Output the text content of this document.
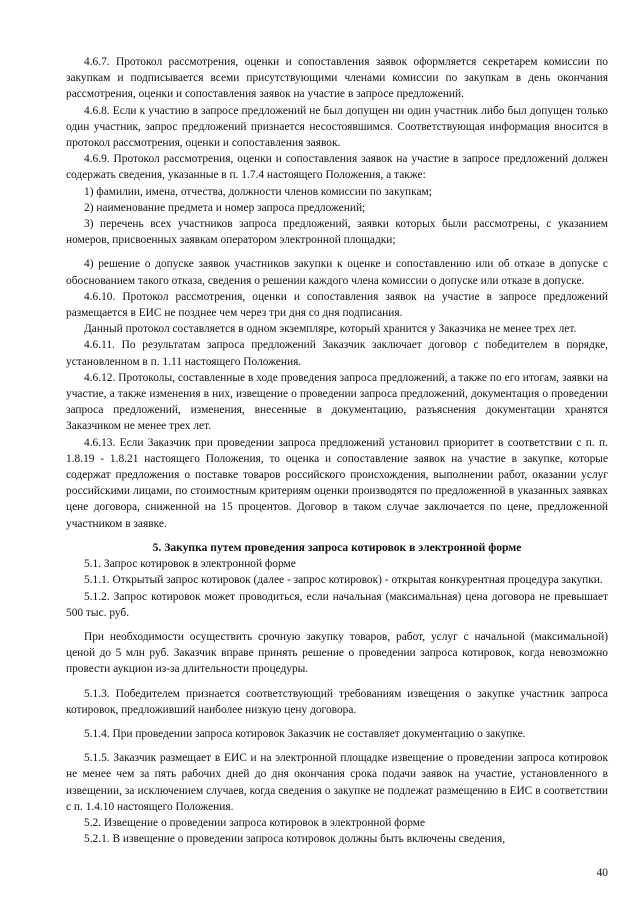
4.6.7. Протокол рассмотрения, оценки и сопоставления заявок оформляется секретарем комиссии по закупкам и подписывается всеми присутствующими членами комиссии по закупкам в день окончания рассмотрения, оценки и сопоставления заявок на участие в запросе предложений.

4.6.8. Если к участию в запросе предложений не был допущен ни один участник либо был допущен только один участник, запрос предложений признается несостоявшимся. Соответствующая информация вносится в протокол рассмотрения, оценки и сопоставления заявок.

4.6.9. Протокол рассмотрения, оценки и сопоставления заявок на участие в запросе предложений должен содержать сведения, указанные в п. 1.7.4 настоящего Положения, а также:

1) фамилии, имена, отчества, должности членов комиссии по закупкам;

2) наименование предмета и номер запроса предложений;

3) перечень всех участников запроса предложений, заявки которых были рассмотрены, с указанием номеров, присвоенных заявкам оператором электронной площадки;

4) решение о допуске заявок участников закупки к оценке и сопоставлению или об отказе в допуске с обоснованием такого отказа, сведения о решении каждого члена комиссии о допуске или отказе в допуске.

4.6.10. Протокол рассмотрения, оценки и сопоставления заявок на участие в запросе предложений размещается в ЕИС не позднее чем через три дня со дня подписания.

Данный протокол составляется в одном экземпляре, который хранится у Заказчика не менее трех лет.

4.6.11. По результатам запроса предложений Заказчик заключает договор с победителем в порядке, установленном в п. 1.11 настоящего Положения.

4.6.12. Протоколы, составленные в ходе проведения запроса предложений, а также по его итогам, заявки на участие, а также изменения в них, извещение о проведении запроса предложений, документация о проведении запроса предложений, изменения, внесенные в документацию, разъяснения документации хранятся Заказчиком не менее трех лет.

4.6.13. Если Заказчик при проведении запроса предложений установил приоритет в соответствии с п. п. 1.8.19 - 1.8.21 настоящего Положения, то оценка и сопоставление заявок на участие в закупке, которые содержат предложения о поставке товаров российского происхождения, выполнении работ, оказании услуг российскими лицами, по стоимостным критериям оценки производятся по предложенной в указанных заявках цене договора, сниженной на 15 процентов. Договор в таком случае заключается по цене, предложенной участником в заявке.

5. Закупка путем проведения запроса котировок в электронной форме

5.1. Запрос котировок в электронной форме

5.1.1. Открытый запрос котировок (далее - запрос котировок) - открытая конкурентная процедура закупки.

5.1.2. Запрос котировок может проводиться, если начальная (максимальная) цена договора не превышает 500 тыс. руб.

При необходимости осуществить срочную закупку товаров, работ, услуг с начальной (максимальной) ценой до 5 млн руб. Заказчик вправе принять решение о проведении запроса котировок, когда невозможно провести аукцион из-за длительности процедуры.

5.1.3. Победителем признается соответствующий требованиям извещения о закупке участник запроса котировок, предложивший наиболее низкую цену договора.

5.1.4. При проведении запроса котировок Заказчик не составляет документацию о закупке.

5.1.5. Заказчик размещает в ЕИС и на электронной площадке извещение о проведении запроса котировок не менее чем за пять рабочих дней до дня окончания срока подачи заявок на участие, установленного в извещении, за исключением случаев, когда сведения о закупке не подлежат размещению в ЕИС в соответствии с п. 1.4.10 настоящего Положения.

5.2. Извещение о проведении запроса котировок в электронной форме

5.2.1. В извещение о проведении запроса котировок должны быть включены сведения,

40
